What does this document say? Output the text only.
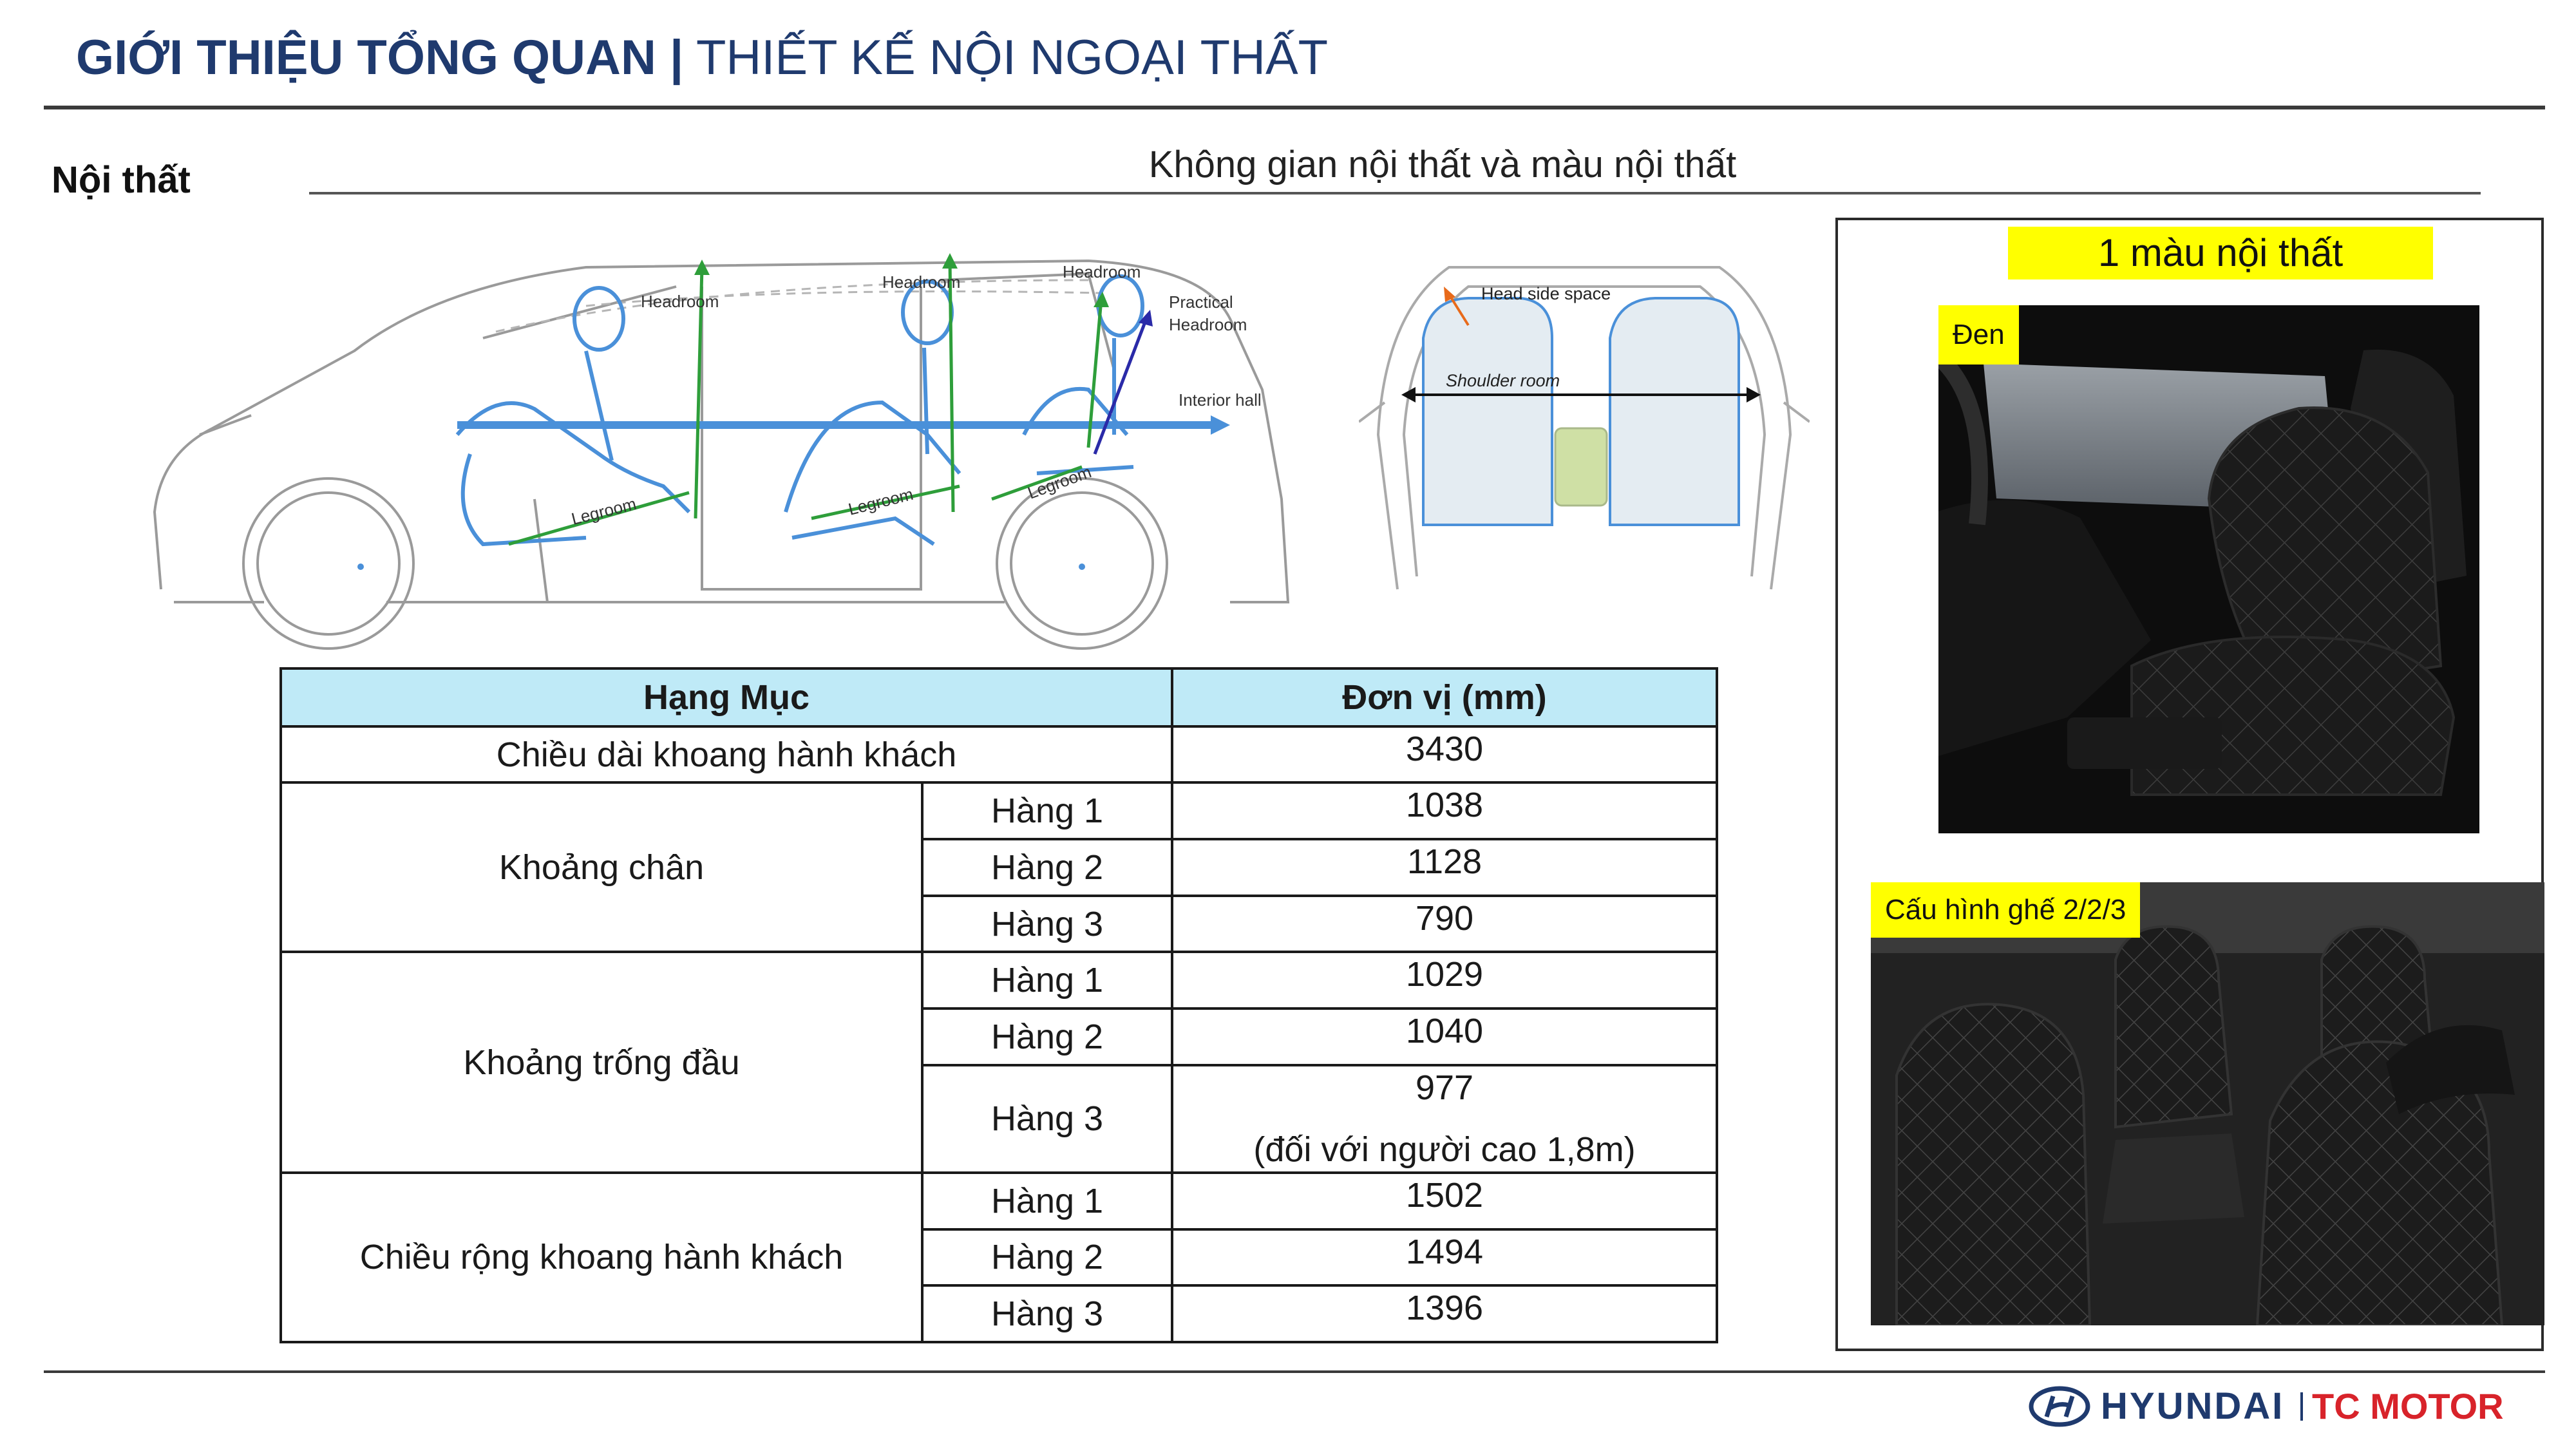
GIỚI THIỆU TỔNG QUAN | THIẾT KẾ NỘI NGOẠI THẤT
Nội thất	Không gian nội thất và màu nội thất
Headroom
Headroom
Headroom
Practical
Headroom
Interior hall
Legroom	Legroom	Legroom
Head side space
Shoulder room
Hạng Mục		Đơn vị (mm)
Chiều dài khoang hành khách		3430
Khoảng chân	Hàng 1	1038
	Hàng 2	1128
	Hàng 3	790
Khoảng trống đầu	Hàng 1	1029
	Hàng 2	1040
	Hàng 3	977
(đối với người cao 1,8m)

Chiều rộng khoang hành khách	Hàng 1	1502
	Hàng 2	1494
	Hàng 3	1396
1 màu nội thất
Đen
Cấu hình ghế 2/2/3
HYUNDAI TC MOTOR
